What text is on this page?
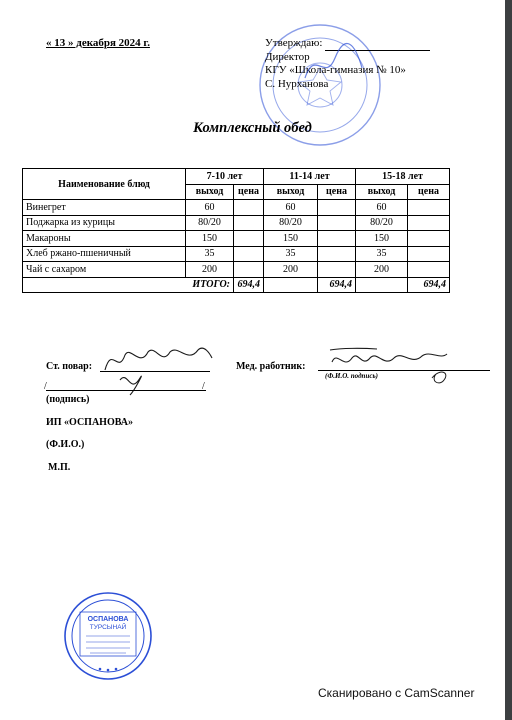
« 13 » декабря 2024 г.	Утверждаю:
Директор
КГУ «Школа-гимназия № 10»
С. Нурханова
Комплексный обед
Наименование блюд	7-10 лет		11-14 лет		15-18 лет	
	выход	цена	выход	цена	выход	цена
Винегрет	60		60		60	
Поджарка из курицы	80/20		80/20		80/20	
Макароны	150		150		150	
Хлеб ржано-пшеничный	35		35		35	
Чай с сахаром	200		200		200	
ИТОГО:		694,4		694,4		694,4
Ст. повар:
/	/
(подпись)
ИП «ОСПАНОВА»
(Ф.И.О.)
М.П.
Мед. работник:
(Ф.И.О. подпись)
ОСПАНОВА
ТУРСЫНАЙ
Сканировано с CamScanner
